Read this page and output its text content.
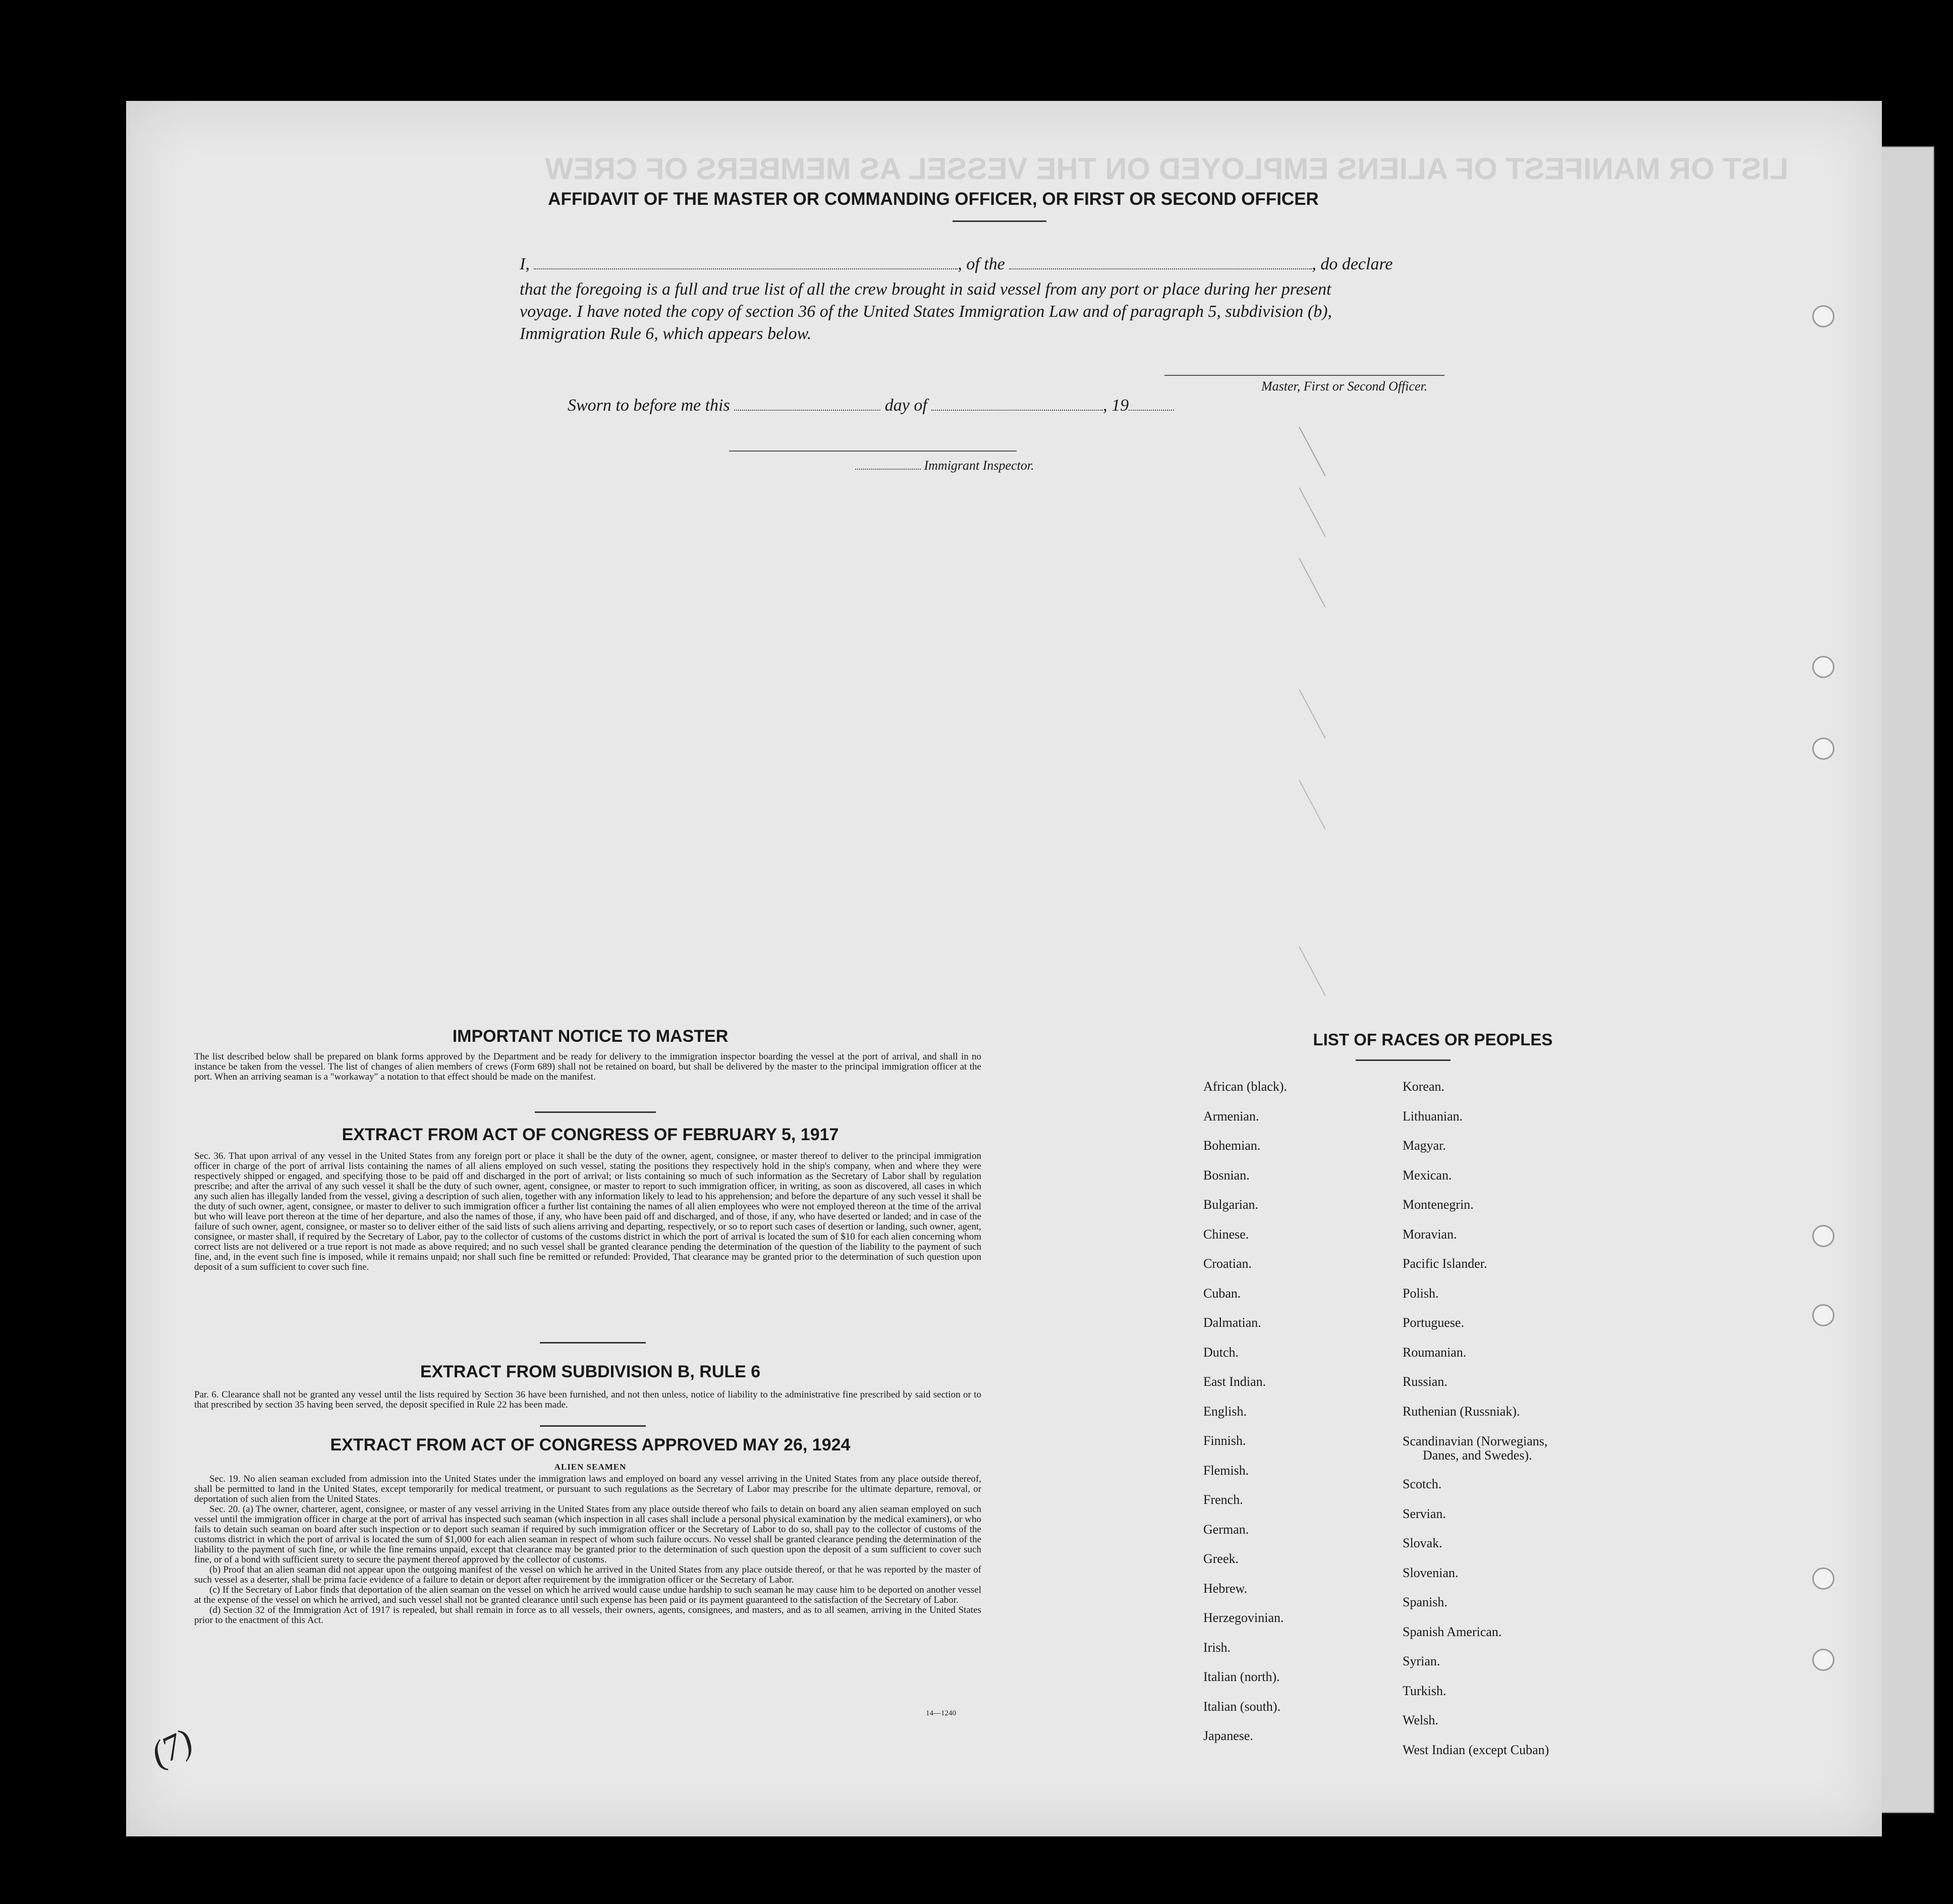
LIST OR MANIFEST OF ALIENS EMPLOYED ON THE VESSEL AS MEMBERS OF CREW
AFFIDAVIT OF THE MASTER OR COMMANDING OFFICER, OR FIRST OR SECOND OFFICER
I,	, of the	, do declare
that the foregoing is a full and true list of all the crew brought in said vessel from any port or place during her present
voyage. I have noted the copy of section 36 of the United States Immigration Law and of paragraph 5, subdivision (b),
Immigration Rule 6, which appears below.
Master, First or Second Officer.
Sworn to before me this	day of	, 19
Immigrant Inspector.
IMPORTANT NOTICE TO MASTER
The list described below shall be prepared on blank forms approved by the Department and be ready for delivery to the immigration inspector boarding the vessel at the port of arrival, and shall in no instance be taken from the vessel. The list of changes of alien members of crews (Form 689) shall not be retained on board, but shall be delivered by the master to the principal immigration officer at the port. When an arriving seaman is a "workaway" a notation to that effect should be made on the manifest.
EXTRACT FROM ACT OF CONGRESS OF FEBRUARY 5, 1917
Sec. 36. That upon arrival of any vessel in the United States from any foreign port or place it shall be the duty of the owner, agent, consignee, or master thereof to deliver to the principal immigration officer in charge of the port of arrival lists containing the names of all aliens employed on such vessel, stating the positions they respectively hold in the ship's company, when and where they were respectively shipped or engaged, and specifying those to be paid off and discharged in the port of arrival; or lists containing so much of such information as the Secretary of Labor shall by regulation prescribe; and after the arrival of any such vessel it shall be the duty of such owner, agent, consignee, or master to report to such immigration officer, in writing, as soon as discovered, all cases in which any such alien has illegally landed from the vessel, giving a description of such alien, together with any information likely to lead to his apprehension; and before the departure of any such vessel it shall be the duty of such owner, agent, consignee, or master to deliver to such immigration officer a further list containing the names of all alien employees who were not employed thereon at the time of the arrival but who will leave port thereon at the time of her departure, and also the names of those, if any, who have been paid off and discharged, and of those, if any, who have deserted or landed; and in case of the failure of such owner, agent, consignee, or master so to deliver either of the said lists of such aliens arriving and departing, respectively, or so to report such cases of desertion or landing, such owner, agent, consignee, or master shall, if required by the Secretary of Labor, pay to the collector of customs of the customs district in which the port of arrival is located the sum of $10 for each alien concerning whom correct lists are not delivered or a true report is not made as above required; and no such vessel shall be granted clearance pending the determination of the question of the liability to the payment of such fine, and, in the event such fine is imposed, while it remains unpaid; nor shall such fine be remitted or refunded: Provided, That clearance may be granted prior to the determination of such question upon deposit of a sum sufficient to cover such fine.
EXTRACT FROM SUBDIVISION B, RULE 6
Par. 6. Clearance shall not be granted any vessel until the lists required by Section 36 have been furnished, and not then unless, notice of liability to the administrative fine prescribed by said section or to that prescribed by section 35 having been served, the deposit specified in Rule 22 has been made.
EXTRACT FROM ACT OF CONGRESS APPROVED MAY 26, 1924
ALIEN SEAMEN
Sec. 19. No alien seaman excluded from admission into the United States under the immigration laws and employed on board any vessel arriving in the United States from any place outside thereof, shall be permitted to land in the United States, except temporarily for medical treatment, or pursuant to such regulations as the Secretary of Labor may prescribe for the ultimate departure, removal, or deportation of such alien from the United States.
Sec. 20. (a) The owner, charterer, agent, consignee, or master of any vessel arriving in the United States from any place outside thereof who fails to detain on board any alien seaman employed on such vessel until the immigration officer in charge at the port of arrival has inspected such seaman (which inspection in all cases shall include a personal physical examination by the medical examiners), or who fails to detain such seaman on board after such inspection or to deport such seaman if required by such immigration officer or the Secretary of Labor to do so, shall pay to the collector of customs of the customs district in which the port of arrival is located the sum of $1,000 for each alien seaman in respect of whom such failure occurs. No vessel shall be granted clearance pending the determination of the liability to the payment of such fine, or while the fine remains unpaid, except that clearance may be granted prior to the determination of such question upon the deposit of a sum sufficient to cover such fine, or of a bond with sufficient surety to secure the payment thereof approved by the collector of customs.
(b) Proof that an alien seaman did not appear upon the outgoing manifest of the vessel on which he arrived in the United States from any place outside thereof, or that he was reported by the master of such vessel as a deserter, shall be prima facie evidence of a failure to detain or deport after requirement by the immigration officer or the Secretary of Labor.
(c) If the Secretary of Labor finds that deportation of the alien seaman on the vessel on which he arrived would cause undue hardship to such seaman he may cause him to be deported on another vessel at the expense of the vessel on which he arrived, and such vessel shall not be granted clearance until such expense has been paid or its payment guaranteed to the satisfaction of the Secretary of Labor.
(d) Section 32 of the Immigration Act of 1917 is repealed, but shall remain in force as to all vessels, their owners, agents, consignees, and masters, and as to all seamen, arriving in the United States prior to the enactment of this Act.
14—1240
LIST OF RACES OR PEOPLES
African (black).
Armenian.
Bohemian.
Bosnian.
Bulgarian.
Chinese.
Croatian.
Cuban.
Dalmatian.
Dutch.
East Indian.
English.
Finnish.
Flemish.
French.
German.
Greek.
Hebrew.
Herzegovinian.
Irish.
Italian (north).
Italian (south).
Japanese.
Korean.
Lithuanian.
Magyar.
Mexican.
Montenegrin.
Moravian.
Pacific Islander.
Polish.
Portuguese.
Roumanian.
Russian.
Ruthenian (Russniak).
Scandinavian (Norwegians,
Danes, and Swedes).
Scotch.
Servian.
Slovak.
Slovenian.
Spanish.
Spanish American.
Syrian.
Turkish.
Welsh.
West Indian (except Cuban)
(7)
